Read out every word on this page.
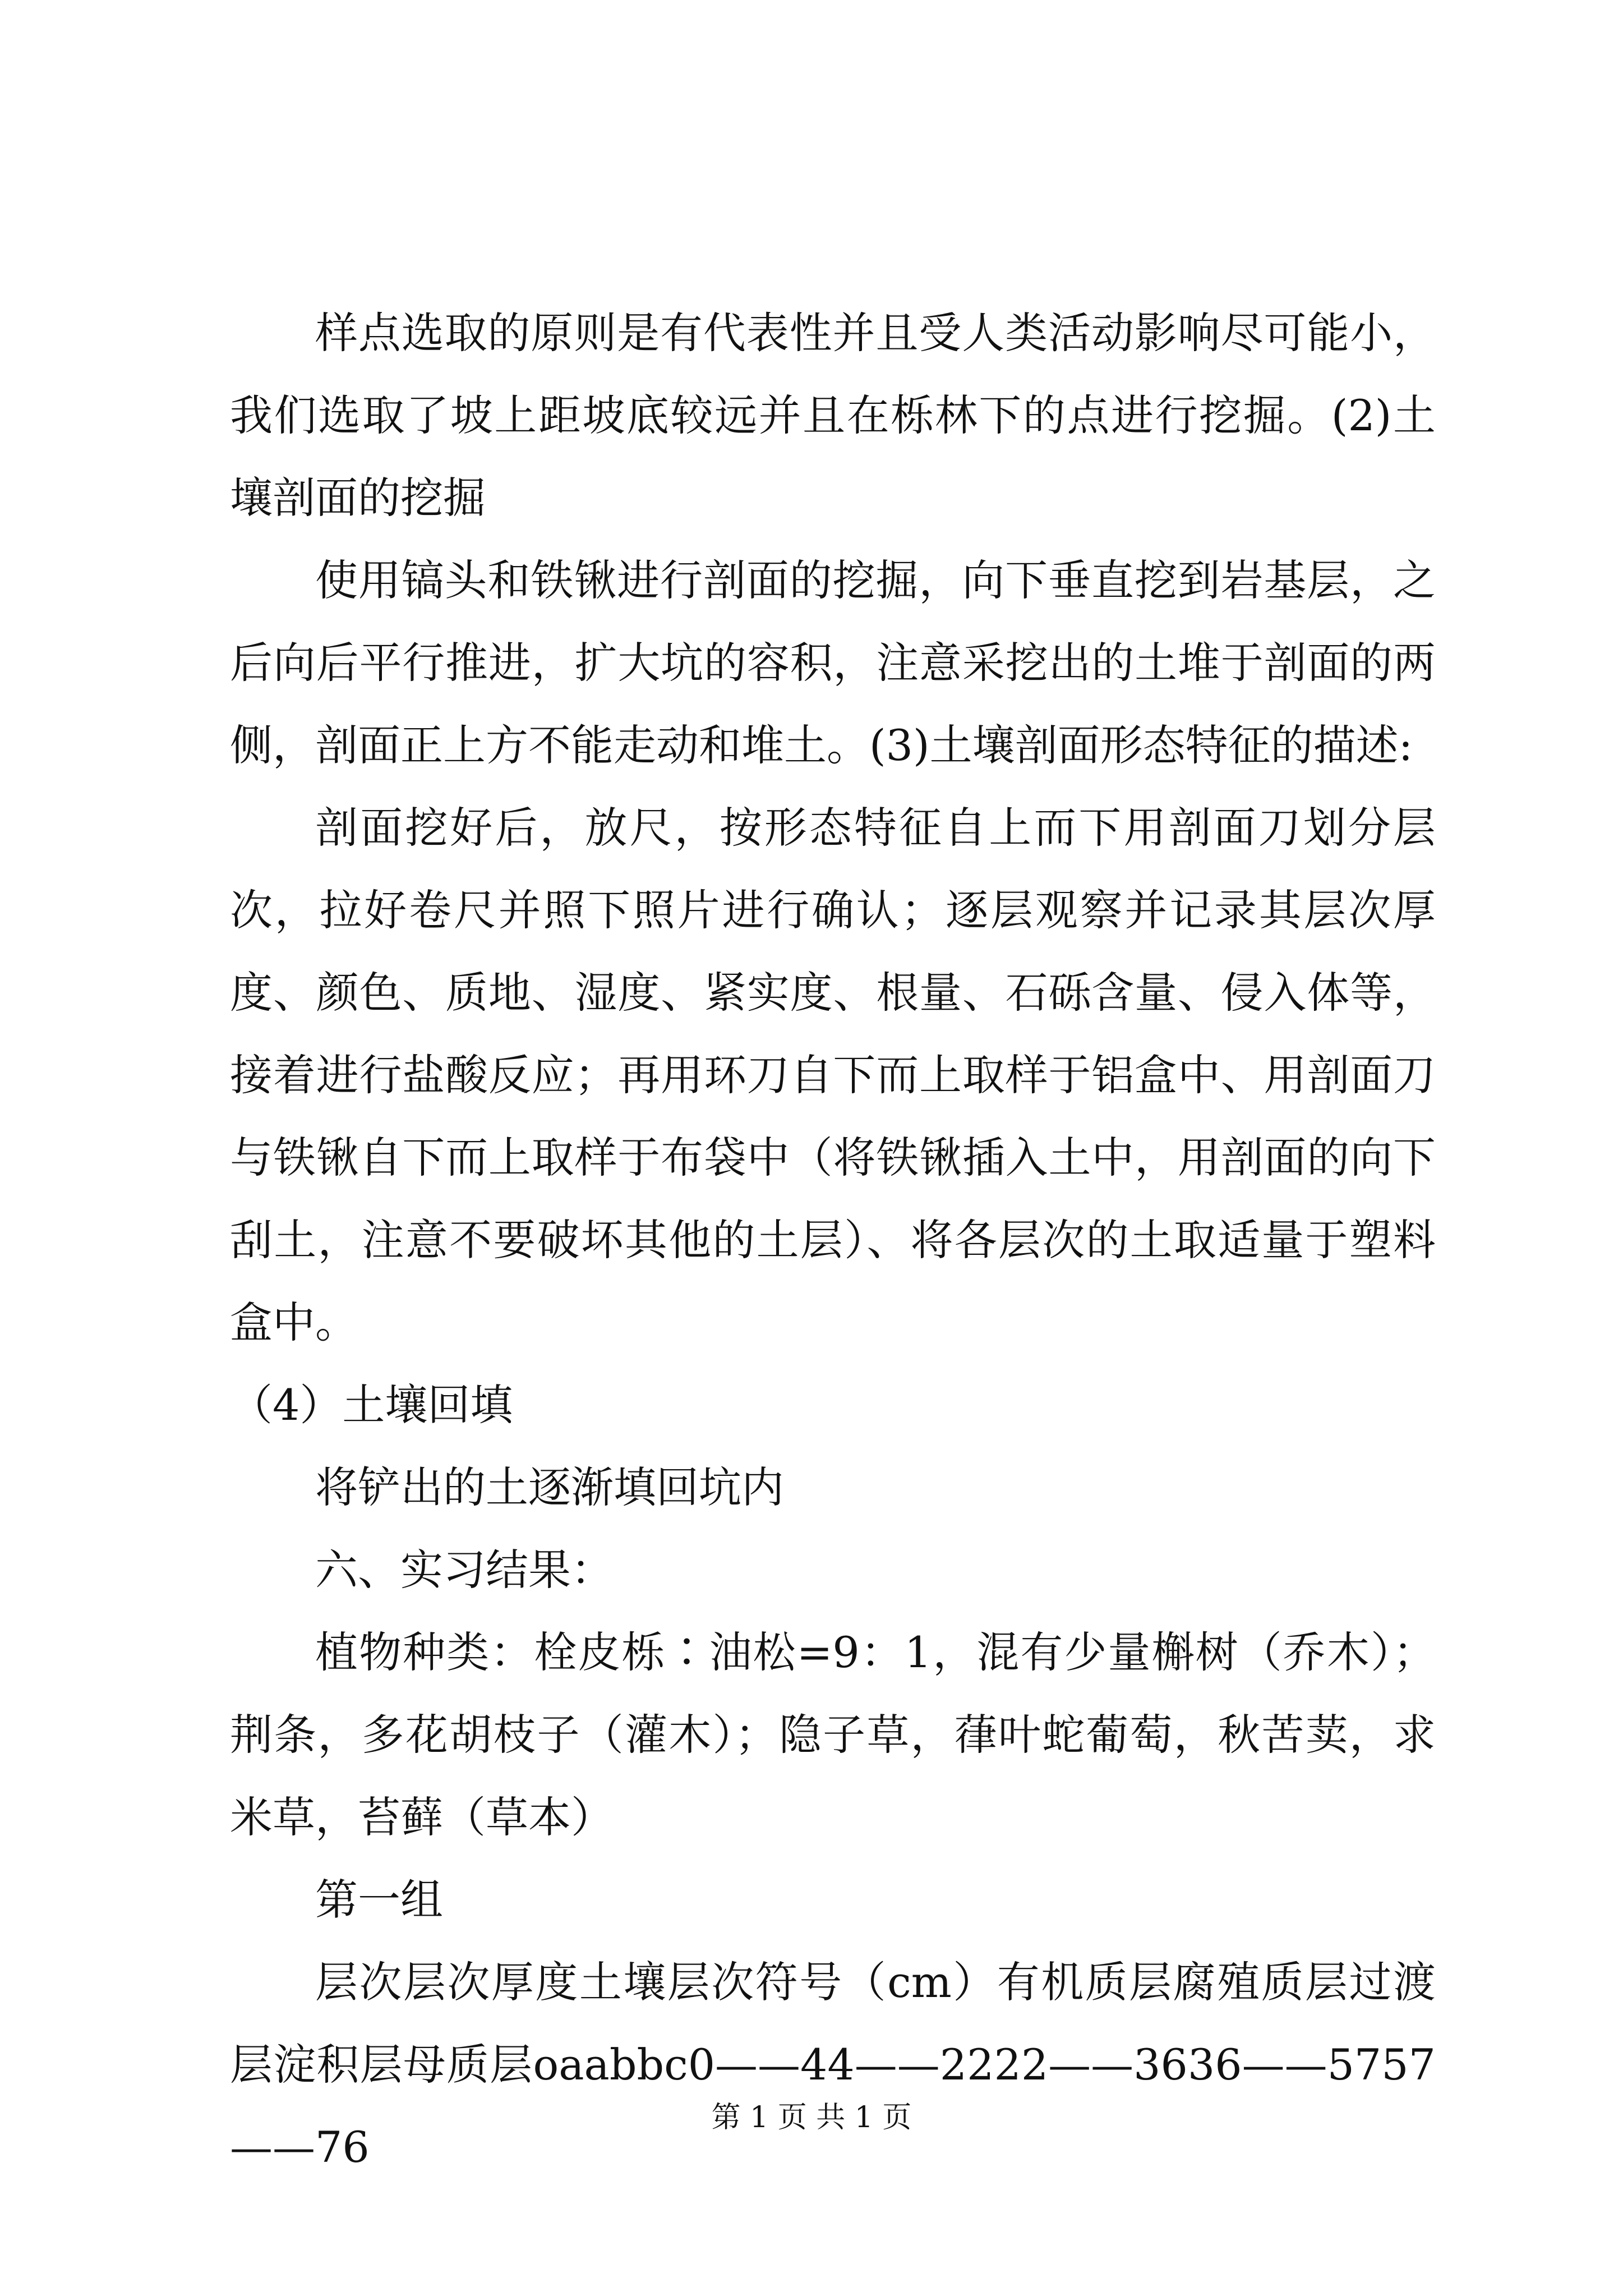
样点选取的原则是有代表性并且受人类活动影响尽可能小，我们选取了坡上距坡底较远并且在栎林下的点进行挖掘。(2)土壤剖面的挖掘

使用镐头和铁锹进行剖面的挖掘，向下垂直挖到岩基层，之后向后平行推进，扩大坑的容积，注意采挖出的土堆于剖面的两侧，剖面正上方不能走动和堆土。(3)土壤剖面形态特征的描述:

剖面挖好后，放尺，按形态特征自上而下用剖面刀划分层次，拉好卷尺并照下照片进行确认；逐层观察并记录其层次厚度、颜色、质地、湿度、紧实度、根量、石砾含量、侵入体等，接着进行盐酸反应；再用环刀自下而上取样于铝盒中、用剖面刀与铁锹自下而上取样于布袋中（将铁锹插入土中，用剖面的向下刮土，注意不要破坏其他的土层）、将各层次的土取适量于塑料盒中。

（4）土壤回填

将铲出的土逐渐填回坑内

六、实习结果：

植物种类：栓皮栎∶油松=9：1，混有少量槲树（乔木）；荆条，多花胡枝子（灌木）；隐子草，葎叶蛇葡萄，秋苦荬，求米草，苔藓（草本）

第一组

层次层次厚度土壤层次符号（cm）有机质层腐殖质层过渡层淀积层母质层oaabbc0——44——2222——3636——5757——76

第 1 页 共 1 页
